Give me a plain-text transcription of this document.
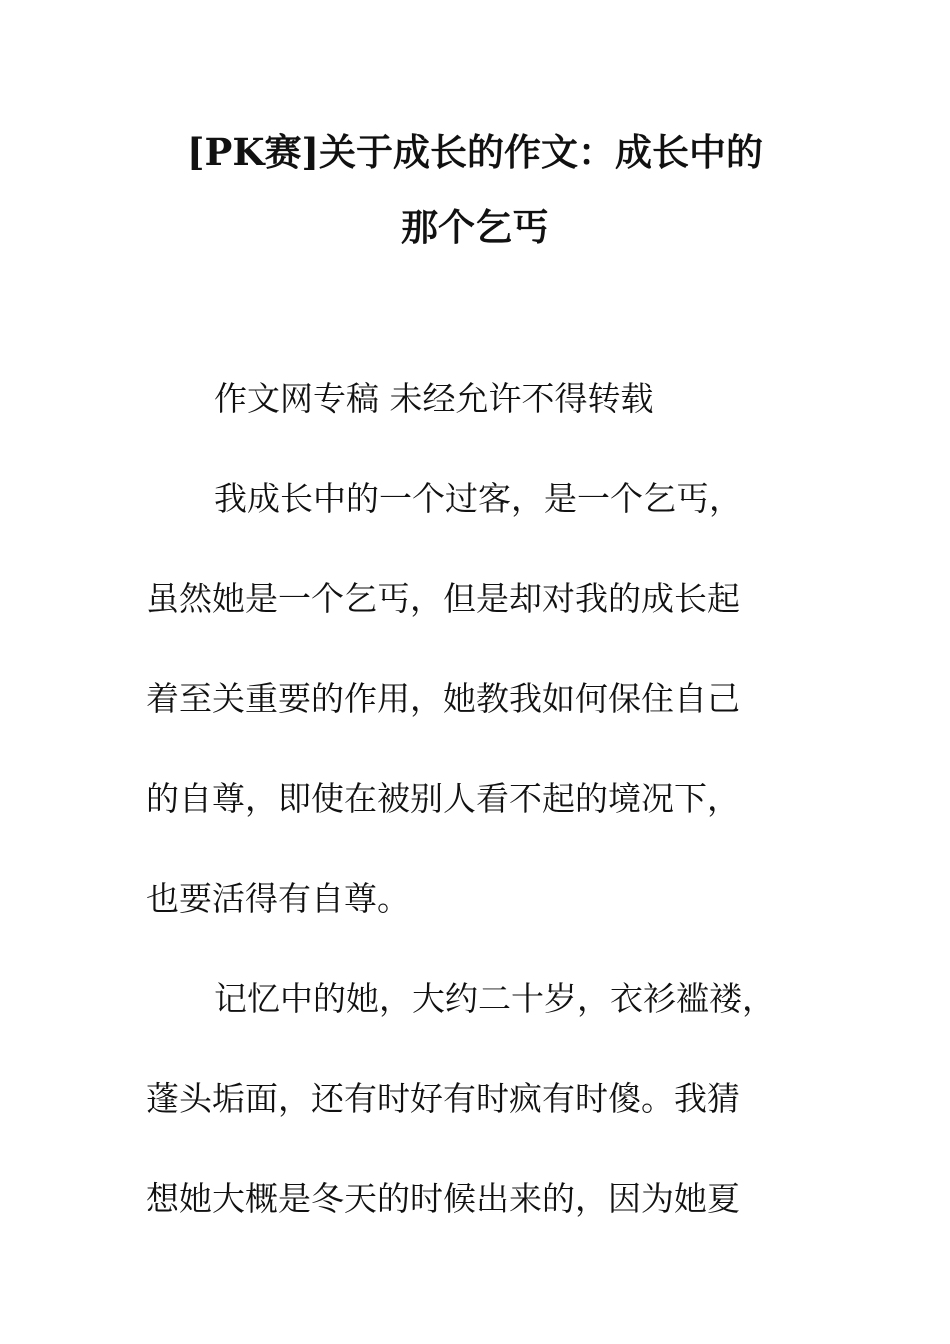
[PK赛]关于成长的作文：成长中的
那个乞丐
作文网专稿 未经允许不得转载
我成长中的一个过客，是一个乞丐，
虽然她是一个乞丐，但是却对我的成长起
着至关重要的作用，她教我如何保住自己
的自尊，即使在被别人看不起的境况下，
也要活得有自尊。
记忆中的她，大约二十岁，衣衫褴褛，
蓬头垢面，还有时好有时疯有时傻。我猜
想她大概是冬天的时候出来的，因为她夏
